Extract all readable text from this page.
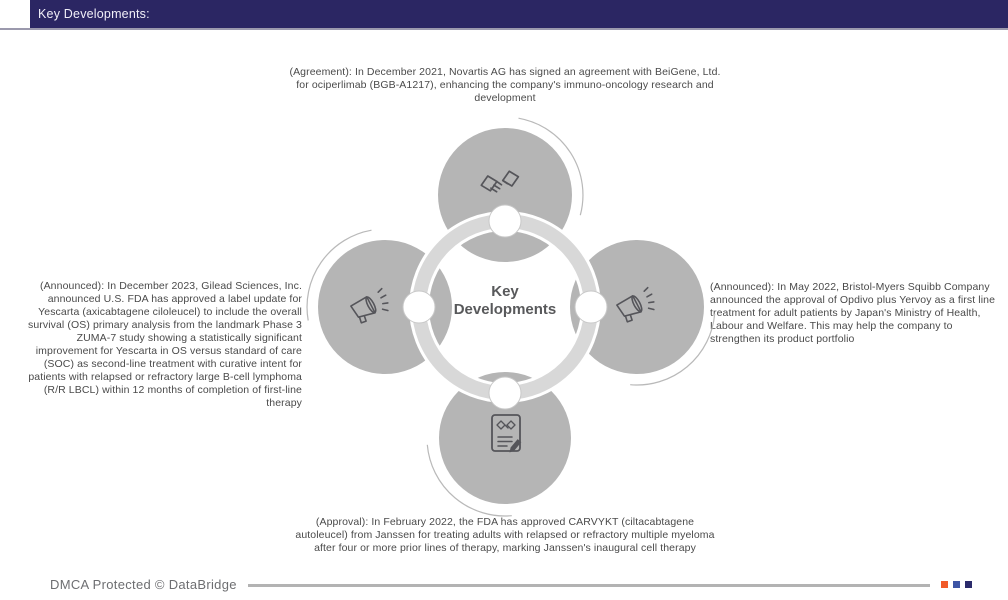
Key Developments:
(Agreement): In December 2021, Novartis AG has signed an agreement with BeiGene, Ltd. for ociperlimab (BGB-A1217), enhancing the company's immuno-oncology research and development
(Announced): In December 2023, Gilead Sciences, Inc. announced U.S. FDA has approved a label update for Yescarta (axicabtagene ciloleucel) to include the overall survival (OS) primary analysis from the landmark Phase 3 ZUMA-7 study showing a statistically significant improvement for Yescarta in OS versus standard of care (SOC) as second-line treatment with curative intent for patients with relapsed or refractory large B-cell lymphoma (R/R LBCL) within 12 months of completion of first-line therapy
(Announced): In May 2022, Bristol-Myers Squibb Company announced the approval of Opdivo plus Yervoy as a first line treatment for adult patients by Japan's Ministry of Health, Labour and Welfare. This may help the company to strengthen its product portfolio
(Approval): In February 2022, the FDA has approved CARVYKT (ciltacabtagene autoleucel) from Janssen for treating adults with relapsed or refractory multiple myeloma after four or more prior lines of therapy, marking Janssen's inaugural cell therapy
Key Developments
DMCA Protected © DataBridge
